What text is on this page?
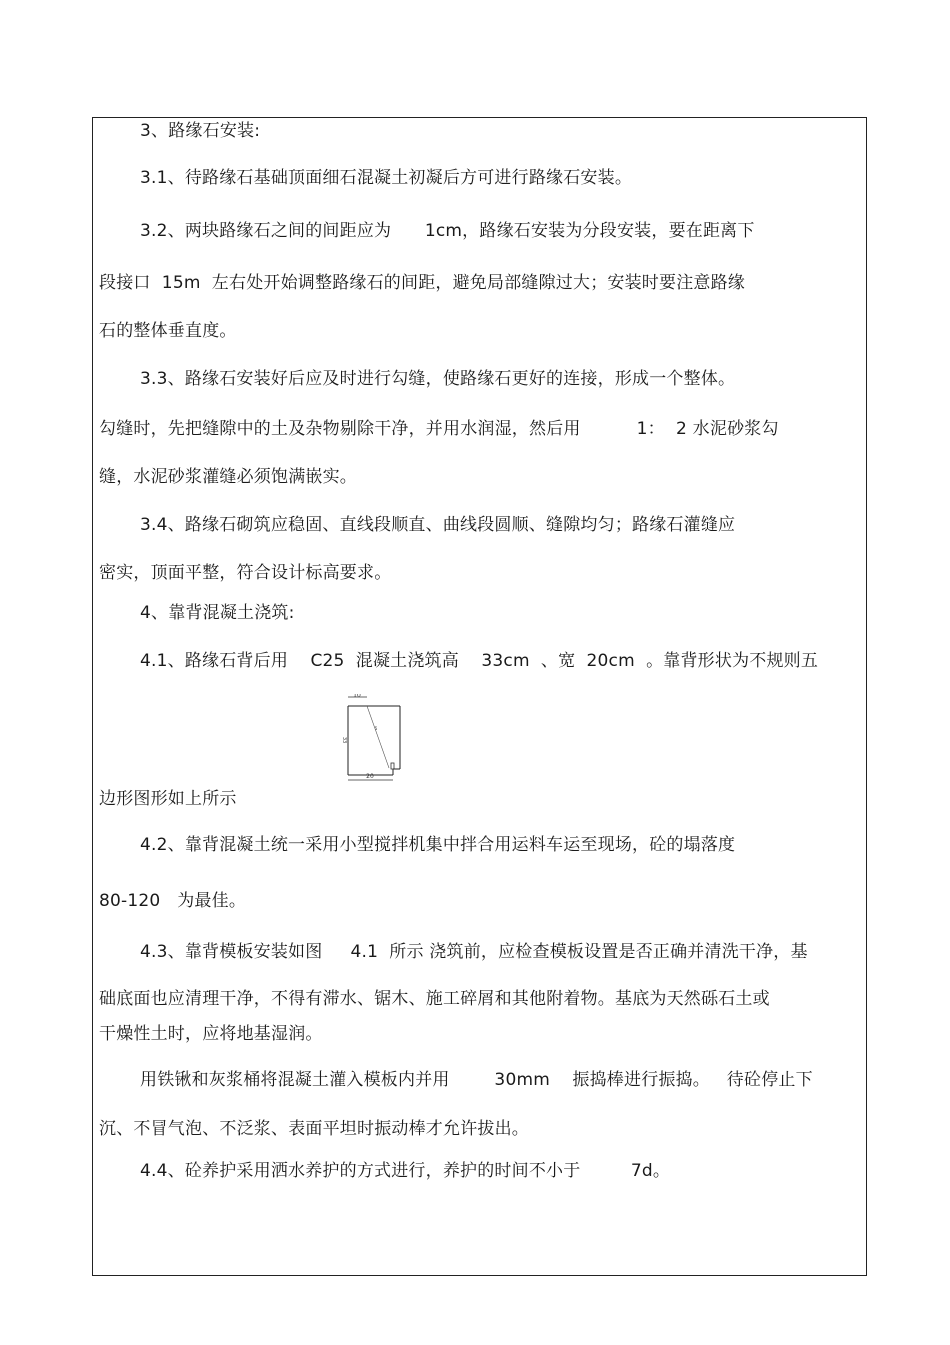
3、路缘石安装:
3.1、待路缘石基础顶面细石混凝土初凝后方可进行路缘石安装。
3.2、两块路缘石之间的间距应为      1cm，路缘石安装为分段安装，要在距离下
段接口  15m  左右处开始调整路缘石的间距，避免局部缝隙过大；安装时要注意路缘
石的整体垂直度。
3.3、路缘石安装好后应及时进行勾缝，使路缘石更好的连接，形成一个整体。
勾缝时，先把缝隙中的土及杂物剔除干净，并用水润湿，然后用          1：  2 水泥砂浆勾
缝，水泥砂浆灌缝必须饱满嵌实。
3.4、路缘石砌筑应稳固、直线段顺直、曲线段圆顺、缝隙均匀；路缘石灌缝应
密实，顶面平整，符合设计标高要求。
4、靠背混凝土浇筑:
4.1、路缘石背后用    C25  混凝土浇筑高    33cm  、宽  20cm  。靠背形状为不规则五
10
33
5
20
边形图形如上所示
4.2、靠背混凝土统一采用小型搅拌机集中拌合用运料车运至现场，砼的塌落度
80-120   为最佳。
4.3、靠背模板安装如图     4.1  所示 浇筑前，应检查模板设置是否正确并清洗干净，基
础底面也应清理干净，不得有滞水、锯木、施工碎屑和其他附着物。基底为天然砾石土或
干燥性土时，应将地基湿润。
用铁锹和灰浆桶将混凝土灌入模板内并用        30mm    振捣棒进行振捣。   待砼停止下
沉、不冒气泡、不泛浆、表面平坦时振动棒才允许拔出。
4.4、砼养护采用洒水养护的方式进行，养护的时间不小于         7d。
